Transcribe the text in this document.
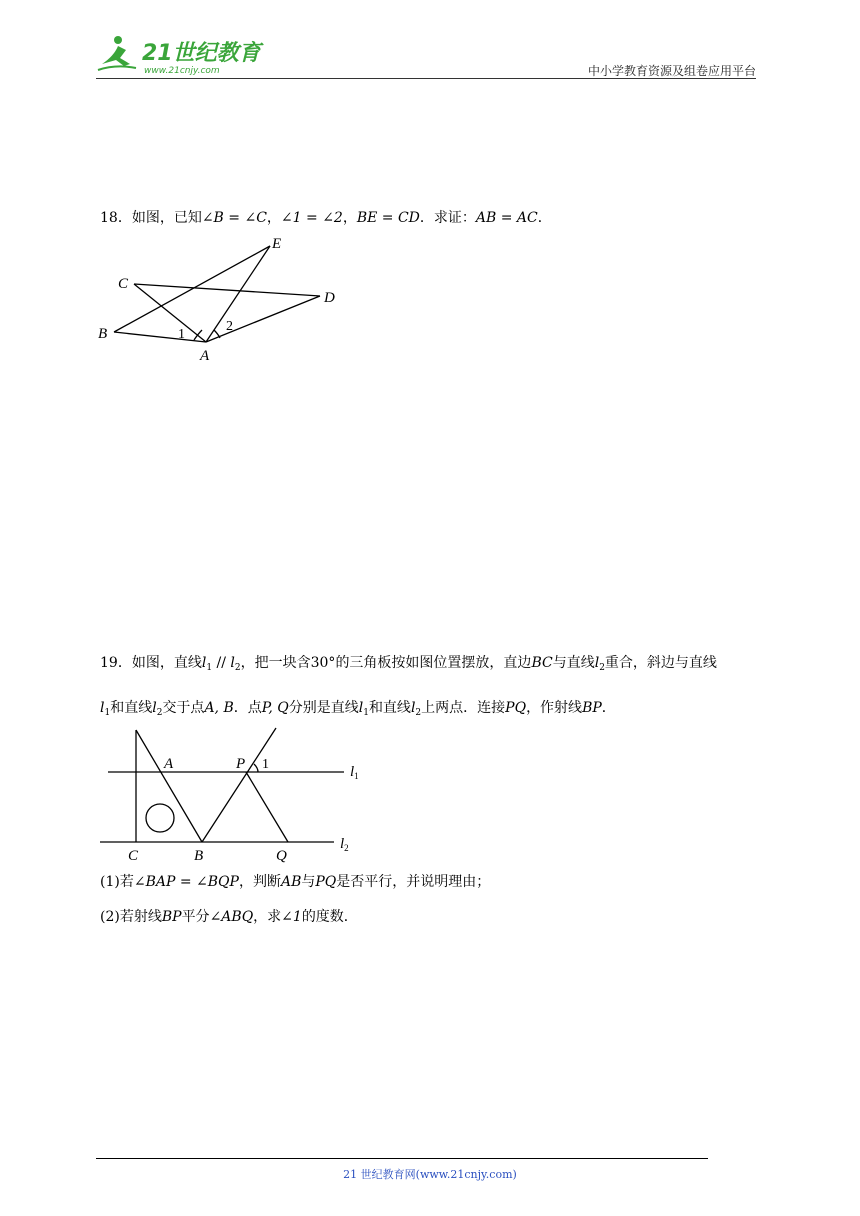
21世纪教育
www.21cnjy.com	中小学教育资源及组卷应用平台
18．如图，已知∠B = ∠C，∠1 = ∠2，BE = CD．求证：AB = AC．
E
C
D
B
A
1
2
19．如图，直线$l_1 // l_2$，把一块含30°的三角板按如图位置摆放，直边BC与直线$l_2$重合，斜边与直线
$l_1$和直线$l_2$交于点A, B．点P, Q分别是直线$l_1$和直线$l_2$上两点．连接PQ，作射线BP．
A	P 1	$l_1$
$l_2$
C	B	Q
(1)若∠BAP = ∠BQP，判断AB与PQ是否平行，并说明理由；
(2)若射线BP平分∠ABQ，求∠1的度数．
21 世纪教育网(www.21cnjy.com)
